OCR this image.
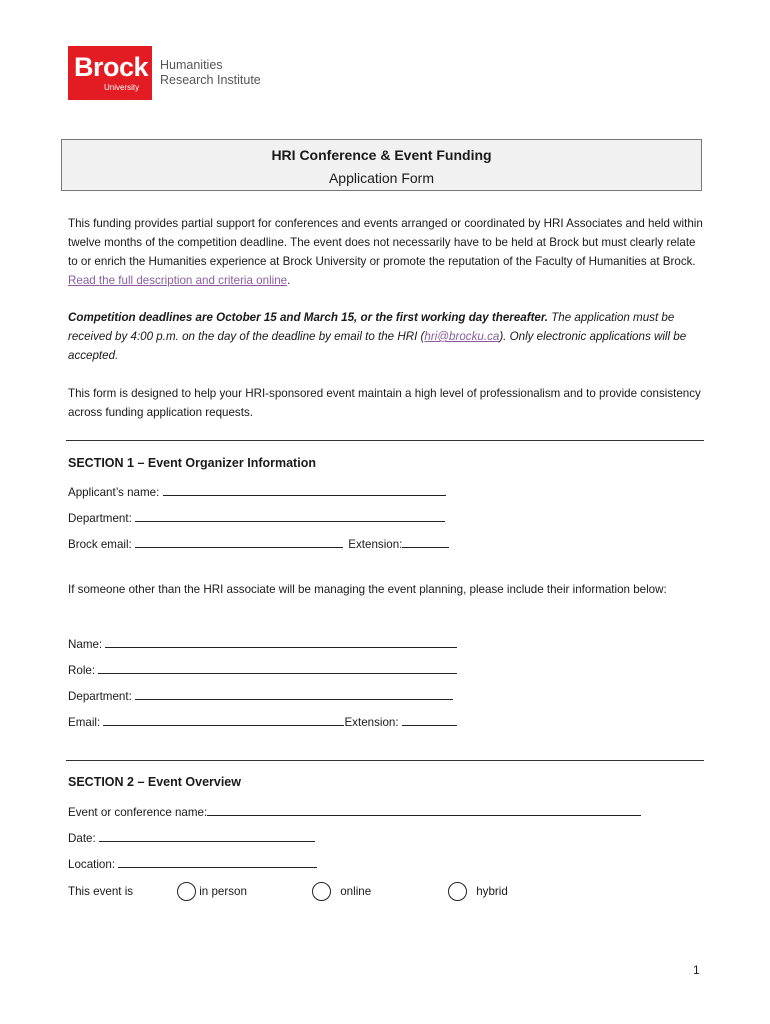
Brock
University
Humanities
Research Institute
HRI Conference & Event Funding
Application Form
This funding provides partial support for conferences and events arranged or coordinated by HRI Associates and held within twelve months of the competition deadline. The event does not necessarily have to be held at Brock but must clearly relate to or enrich the Humanities experience at Brock University or promote the reputation of the Faculty of Humanities at Brock. Read the full description and criteria online.
Competition deadlines are October 15 and March 15, or the first working day thereafter. The application must be received by 4:00 p.m. on the day of the deadline by email to the HRI (hri@brocku.ca). Only electronic applications will be accepted.
This form is designed to help your HRI-sponsored event maintain a high level of professionalism and to provide consistency across funding application requests.
SECTION 1 – Event Organizer Information
Applicant’s name:
Department:
Brock email:	Extension:
If someone other than the HRI associate will be managing the event planning, please include their information below:
Name:
Role:
Department:
Email:	Extension:
SECTION 2 – Event Overview
Event or conference name:
Date:
Location:
This event is	in person	online	hybrid
1
